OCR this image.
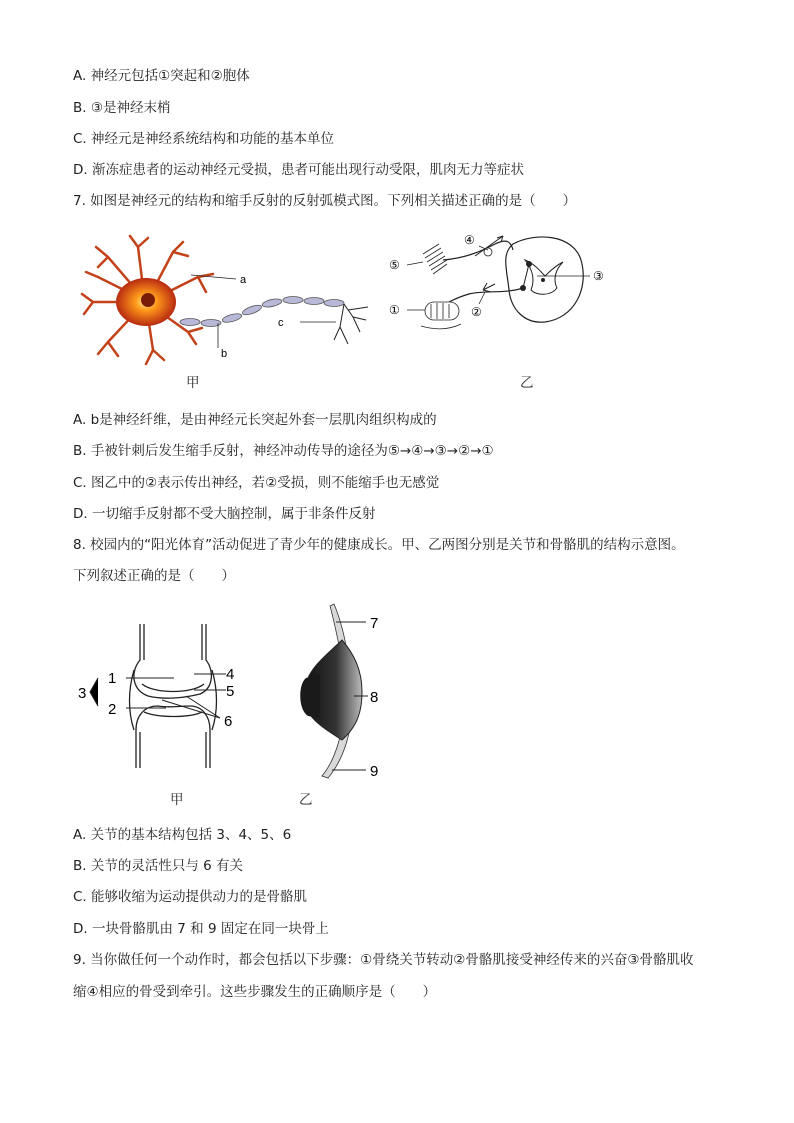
A. 神经元包括①突起和②胞体
B. ③是神经末梢
C. 神经元是神经系统结构和功能的基本单位
D. 渐冻症患者的运动神经元受损，患者可能出现行动受限，肌肉无力等症状
7. 如图是神经元的结构和缩手反射的反射弧模式图。下列相关描述正确的是（　　）
a
b
c
甲
⑤
④
③
①	②
乙
A. b是神经纤维，是由神经元长突起外套一层肌肉组织构成的
B. 手被针刺后发生缩手反射，神经冲动传导的途径为⑤→④→③→②→①
C. 图乙中的②表示传出神经，若②受损，则不能缩手也无感觉
D. 一切缩手反射都不受大脑控制，属于非条件反射
8. 校园内的“阳光体育”活动促进了青少年的健康成长。甲、乙两图分别是关节和骨骼肌的结构示意图。
下列叙述正确的是（　　）
1
2
3
4
5
6
甲
7
8
9
乙
A. 关节的基本结构包括 3、4、5、6
B. 关节的灵活性只与 6 有关
C. 能够收缩为运动提供动力的是骨骼肌
D. 一块骨骼肌由 7 和 9 固定在同一块骨上
9. 当你做任何一个动作时，都会包括以下步骤：①骨绕关节转动②骨骼肌接受神经传来的兴奋③骨骼肌收
缩④相应的骨受到牵引。这些步骤发生的正确顺序是（　　）
